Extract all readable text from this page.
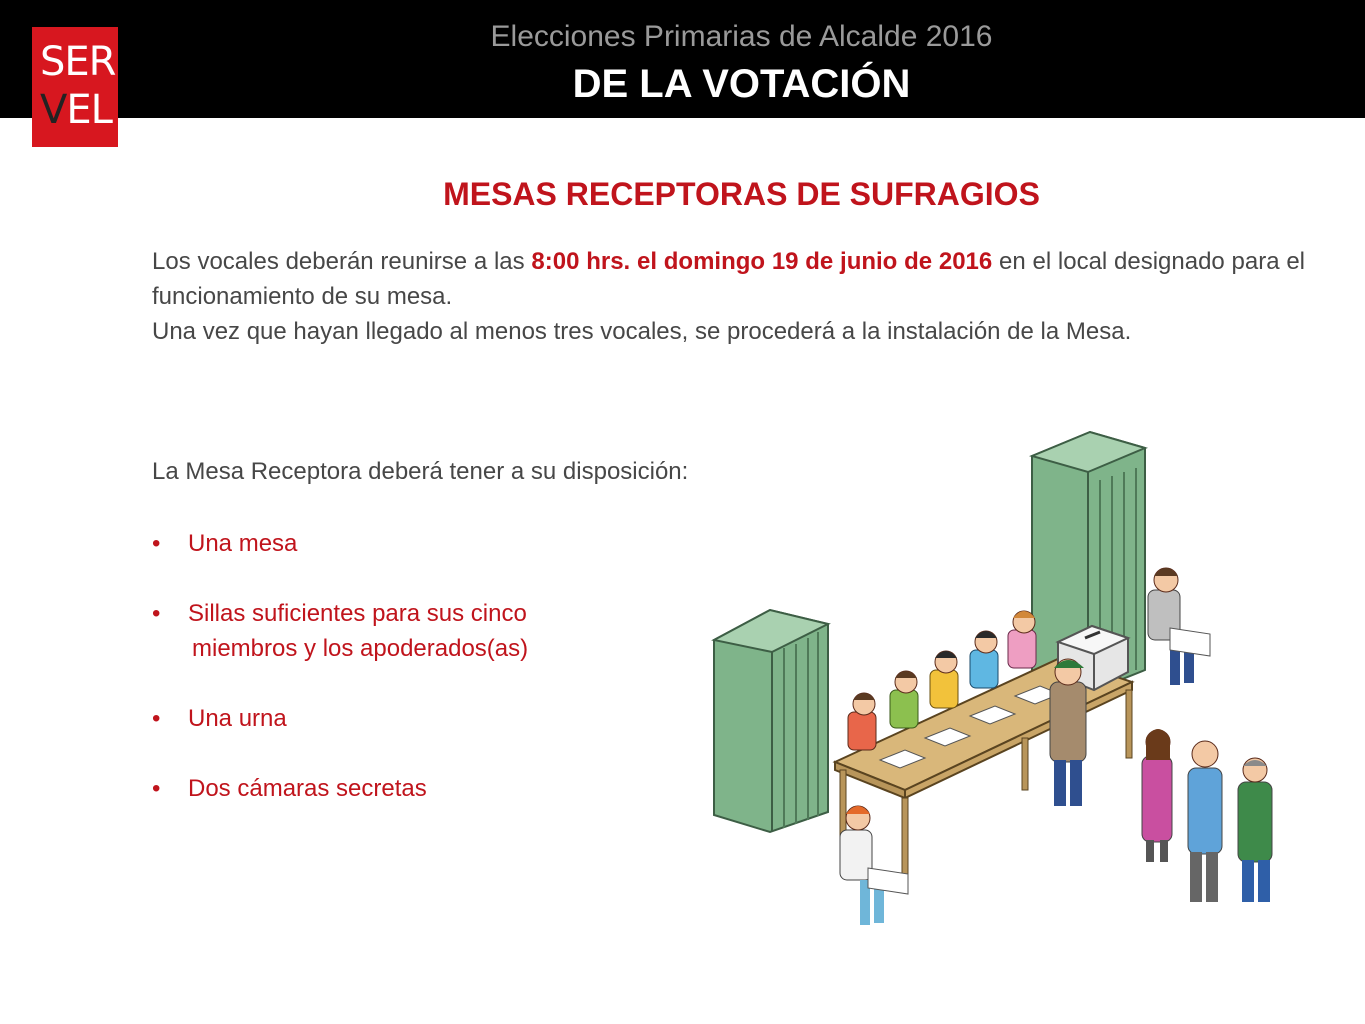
SER
VEL
Elecciones Primarias de Alcalde 2016
DE LA VOTACIÓN
MESAS RECEPTORAS DE SUFRAGIOS

Los vocales deberán reunirse a las 8:00 hrs. el domingo 19 de junio de 2016 en el local designado para el funcionamiento de su mesa.

Una vez que hayan llegado al menos tres vocales, se procederá a la instalación de la Mesa.

La Mesa Receptora deberá tener a su disposición:
• Una mesa
• Sillas suficientes para sus cinco
miembros y los apoderados(as)
• Una urna
• Dos cámaras secretas
